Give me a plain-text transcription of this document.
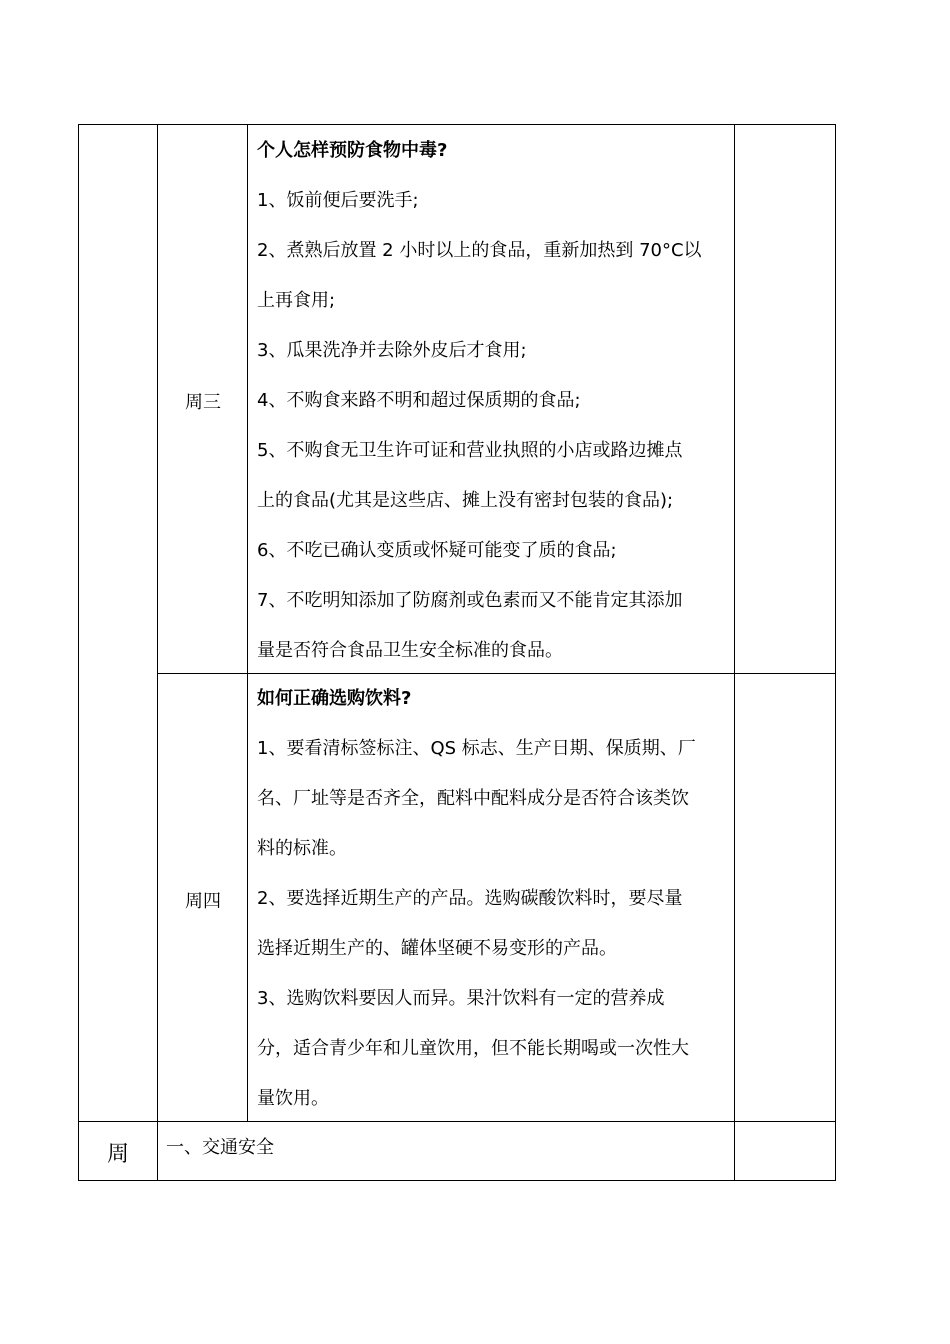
周三
个人怎样预防食物中毒?
1、饭前便后要洗手;
2、煮熟后放置 2 小时以上的食品，重新加热到 70°C以
上再食用;
3、瓜果洗净并去除外皮后才食用;
4、不购食来路不明和超过保质期的食品;
5、不购食无卫生许可证和营业执照的小店或路边摊点
上的食品(尤其是这些店、摊上没有密封包装的食品);
6、不吃已确认变质或怀疑可能变了质的食品;
7、不吃明知添加了防腐剂或色素而又不能肯定其添加
量是否符合食品卫生安全标准的食品。
周四
如何正确选购饮料?
1、要看清标签标注、QS 标志、生产日期、保质期、厂
名、厂址等是否齐全，配料中配料成分是否符合该类饮
料的标准。
2、要选择近期生产的产品。选购碳酸饮料时，要尽量
选择近期生产的、罐体坚硬不易变形的产品。
3、选购饮料要因人而异。果汁饮料有一定的营养成
分，适合青少年和儿童饮用，但不能长期喝或一次性大
量饮用。
周	一、交通安全
